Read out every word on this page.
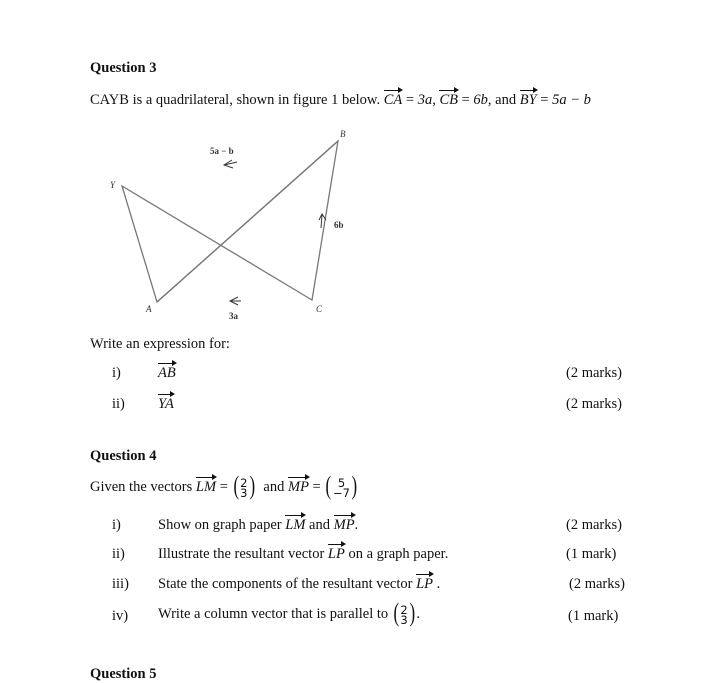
Question 3
CAYB is a quadrilateral, shown in figure 1 below. CA = 3a, CB = 6b, and BY = 5a − b
B
Y
A	C
5a − b
6b
3a
Write an expression for:
i)	AB	(2 marks)
ii) YA	(2 marks)
Question 4
Given the vectors LM = ( 2
3 ) and MP = ( 5
−7 )
i)	Show on graph paper LM and MP.	(2 marks)
ii) Illustrate the resultant vector LP on a graph paper.	(1 mark)
iii) State the components of the resultant vector LP .	(2 marks)
iv) Write a column vector that is parallel to ( 2
3 ) .	(1 mark)
Question 5
